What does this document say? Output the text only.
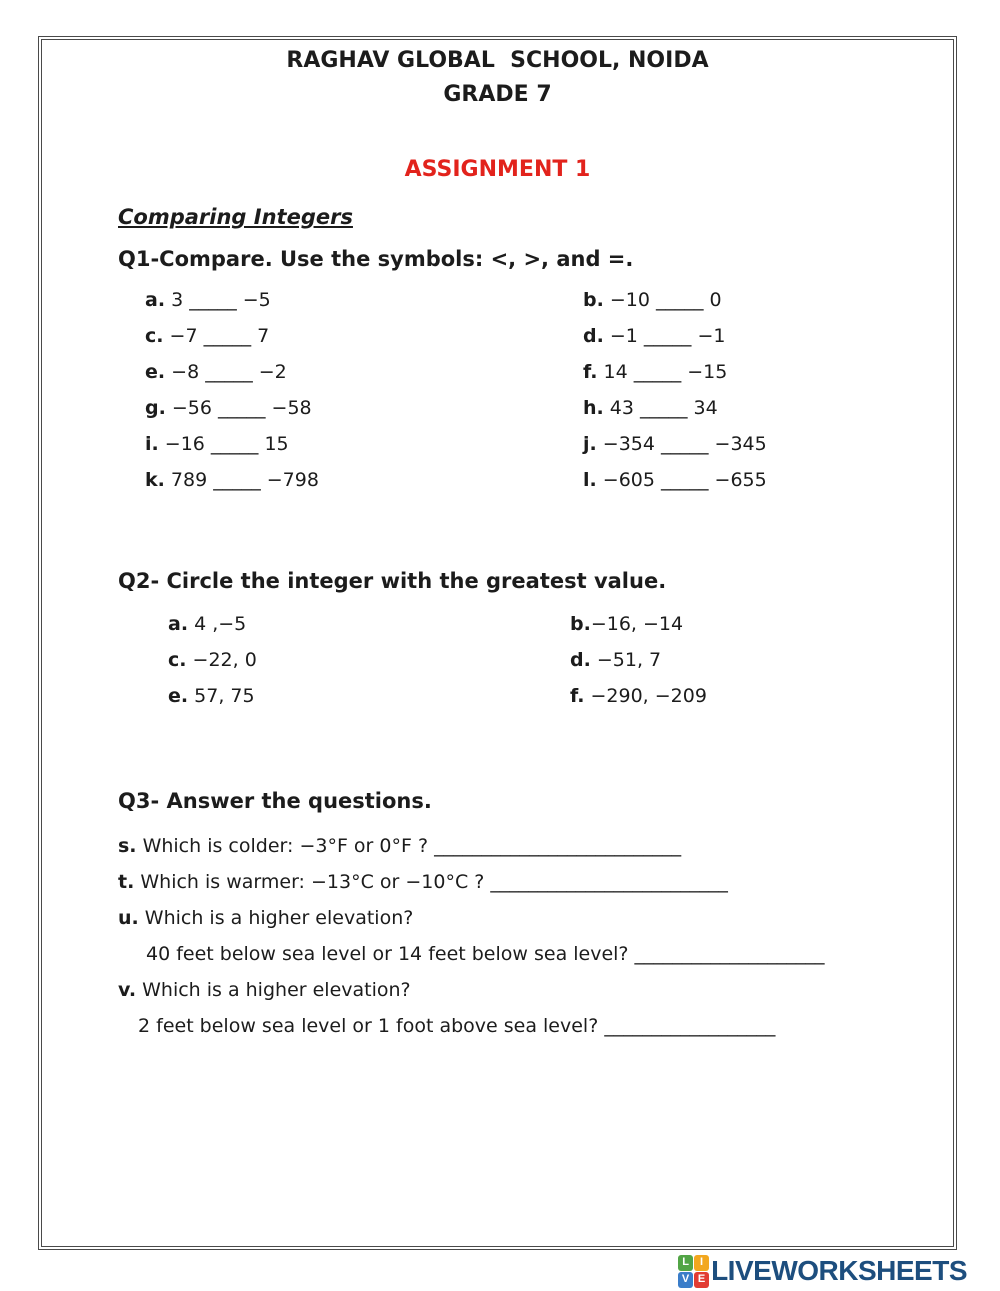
RAGHAV GLOBAL  SCHOOL, NOIDA
GRADE 7
ASSIGNMENT 1
Comparing Integers
Q1-Compare. Use the symbols: <, >, and =.
a. 3 _____ −5	b. −10 _____ 0
c. −7 _____ 7	d. −1 _____ −1
e. −8 _____ −2	f. 14 _____ −15
g. −56 _____ −58	h. 43 _____ 34
i. −16 _____ 15	j. −354 _____ −345
k. 789 _____ −798	l. −605 _____ −655
Q2- Circle the integer with the greatest value.
a. 4 ,−5	b.−16, −14
c. −22, 0	d. −51, 7
e. 57, 75	f. −290, −209
Q3- Answer the questions.
s. Which is colder: −3°F or 0°F ? __________________________
t. Which is warmer: −13°C or −10°C ? _________________________
u. Which is a higher elevation?
40 feet below sea level or 14 feet below sea level? ____________________
v. Which is a higher elevation?
2 feet below sea level or 1 foot above sea level? __________________
L	I
V E LIVEWORKSHEETS
